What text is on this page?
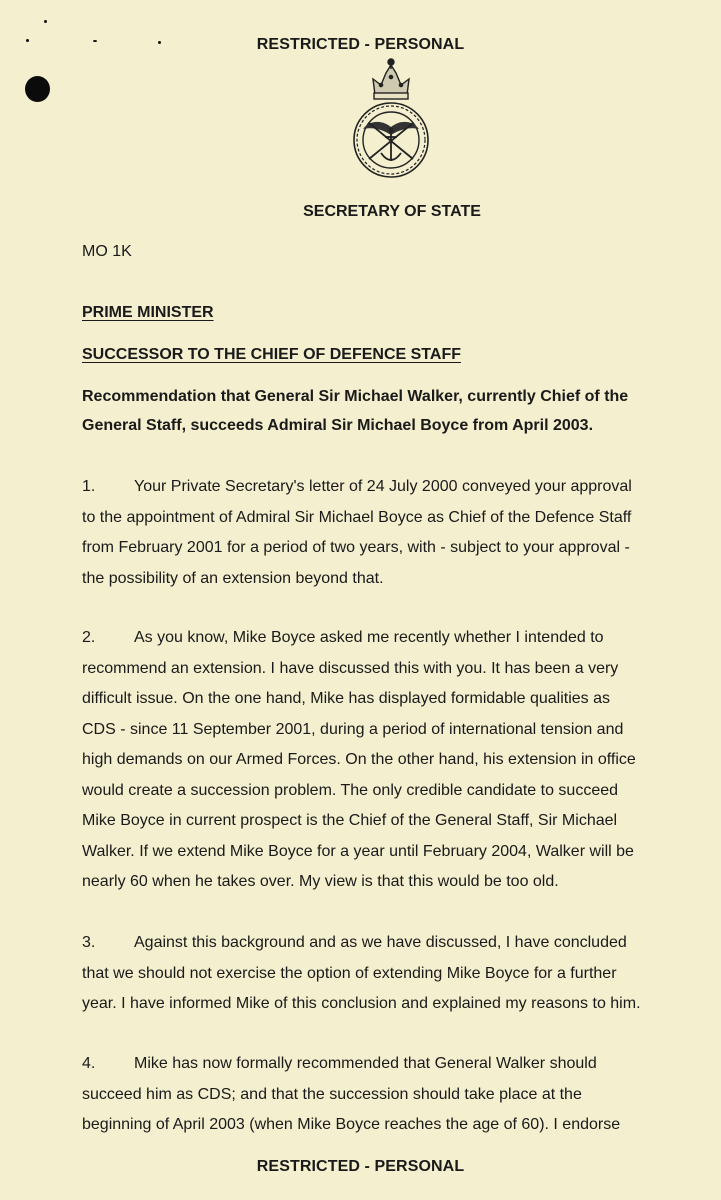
RESTRICTED - PERSONAL
SECRETARY OF STATE
MO 1K
PRIME MINISTER
SUCCESSOR TO THE CHIEF OF DEFENCE STAFF
Recommendation that General Sir Michael Walker, currently Chief of the
General Staff, succeeds Admiral Sir Michael Boyce from April 2003.
1. Your Private Secretary's letter of 24 July 2000 conveyed your approval
to the appointment of Admiral Sir Michael Boyce as Chief of the Defence Staff
from February 2001 for a period of two years, with - subject to your approval -
the possibility of an extension beyond that.
2. As you know, Mike Boyce asked me recently whether I intended to
recommend an extension. I have discussed this with you. It has been a very
difficult issue. On the one hand, Mike has displayed formidable qualities as
CDS - since 11 September 2001, during a period of international tension and
high demands on our Armed Forces. On the other hand, his extension in office
would create a succession problem. The only credible candidate to succeed
Mike Boyce in current prospect is the Chief of the General Staff, Sir Michael
Walker. If we extend Mike Boyce for a year until February 2004, Walker will be
nearly 60 when he takes over. My view is that this would be too old.
3. Against this background and as we have discussed, I have concluded
that we should not exercise the option of extending Mike Boyce for a further
year. I have informed Mike of this conclusion and explained my reasons to him.
4. Mike has now formally recommended that General Walker should
succeed him as CDS; and that the succession should take place at the
beginning of April 2003 (when Mike Boyce reaches the age of 60). I endorse
RESTRICTED - PERSONAL
